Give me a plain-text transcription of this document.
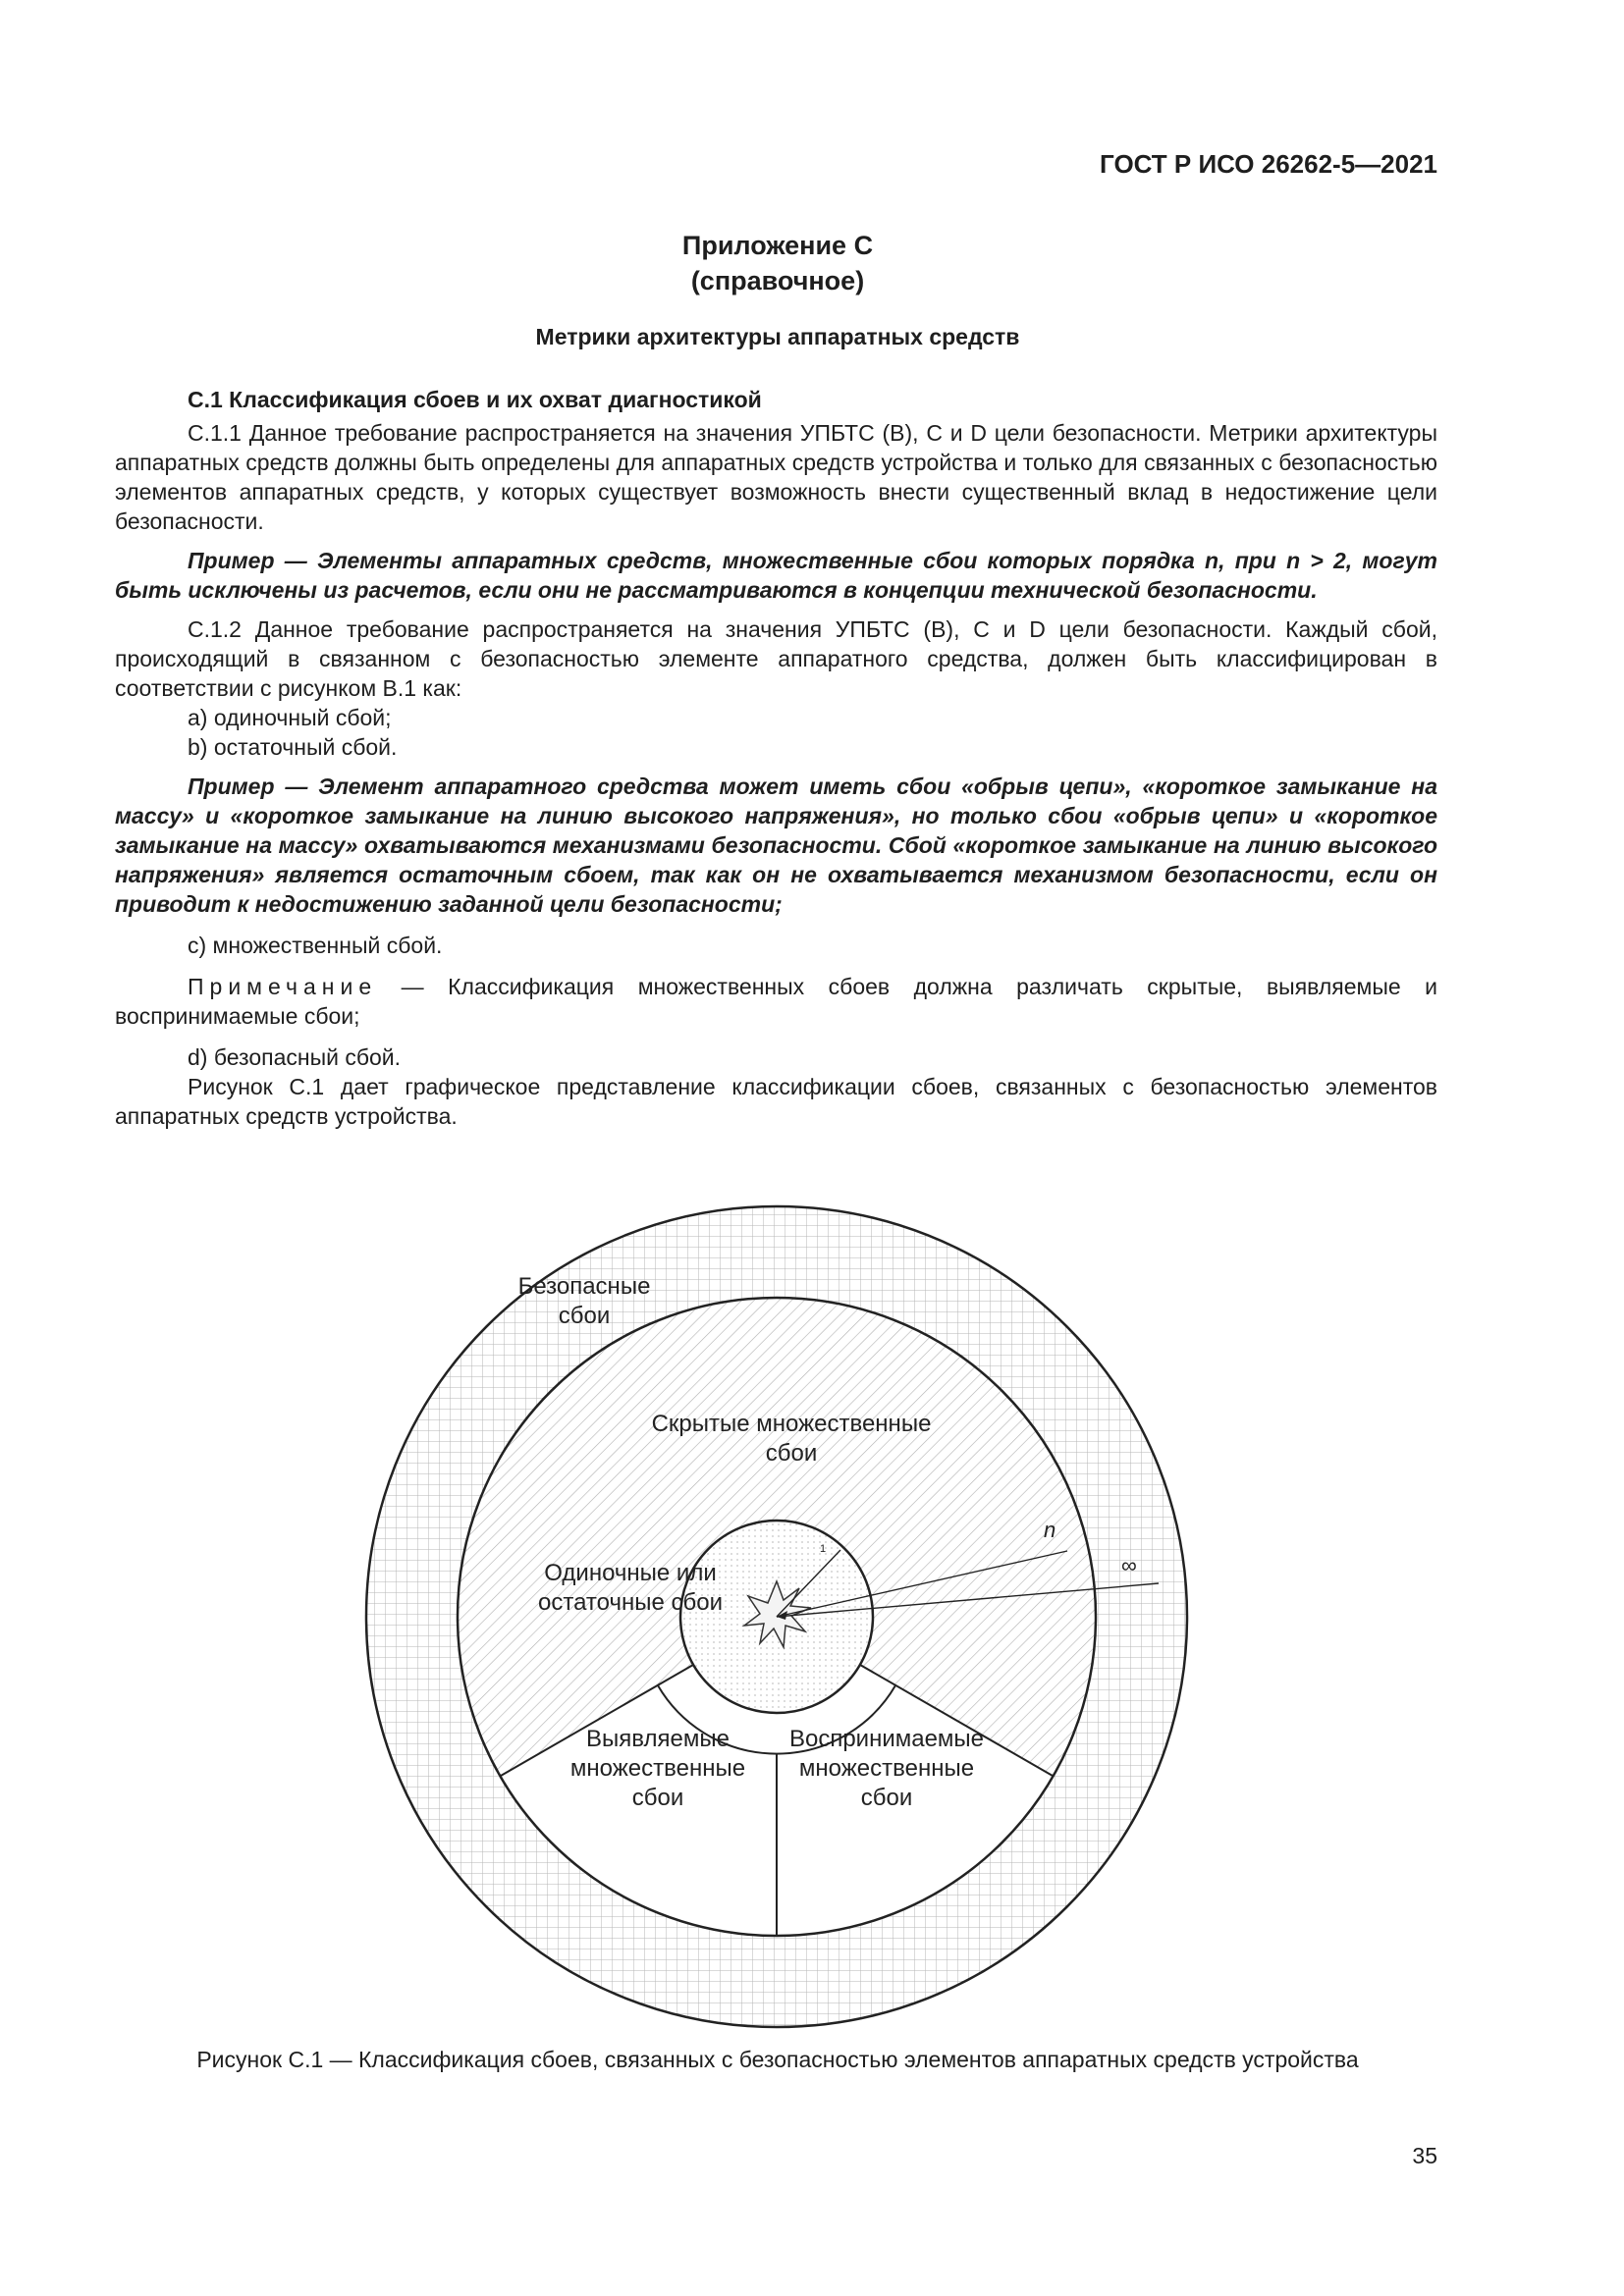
ГОСТ Р ИСО 26262-5—2021
Приложение С
(справочное)
Метрики архитектуры аппаратных средств

С.1 Классификация сбоев и их охват диагностикой

С.1.1 Данное требование распространяется на значения УПБТС (В), С и D цели безопасности. Метрики архитектуры аппаратных средств должны быть определены для аппаратных средств устройства и только для связанных с безопасностью элементов аппаратных средств, у которых существует возможность внести существенный вклад в недостижение цели безопасности.

Пример — Элементы аппаратных средств, множественные сбои которых порядка n, при n > 2, могут быть исключены из расчетов, если они не рассматриваются в концепции технической безопасности.

С.1.2 Данное требование распространяется на значения УПБТС (В), С и D цели безопасности. Каждый сбой, происходящий в связанном с безопасностью элементе аппаратного средства, должен быть классифицирован в соответствии с рисунком В.1 как:

a) одиночный сбой;

b) остаточный сбой.

Пример — Элемент аппаратного средства может иметь сбои «обрыв цепи», «короткое замыкание на массу» и «короткое замыкание на линию высокого напряжения», но только сбои «обрыв цепи» и «короткое замыкание на массу» охватываются механизмами безопасности. Сбой «короткое замыкание на линию высокого напряжения» является остаточным сбоем, так как он не охватывается механизмом безопасности, если он приводит к недостижению заданной цели безопасности;

c) множественный сбой.

Примечание — Классификация множественных сбоев должна различать скрытые, выявляемые и воспринимаемые сбои;

d) безопасный сбой.

Рисунок С.1 дает графическое представление классификации сбоев, связанных с безопасностью элементов аппаратных средств устройства.

1
n
∞
Безопасные
сбои
Скрытые множественные
сбои
Одиночные или
остаточные сбои
Выявляемые
множественные
сбои
Воспринимаемые
множественные
сбои
Рисунок С.1 — Классификация сбоев, связанных с безопасностью элементов аппаратных средств устройства
35
